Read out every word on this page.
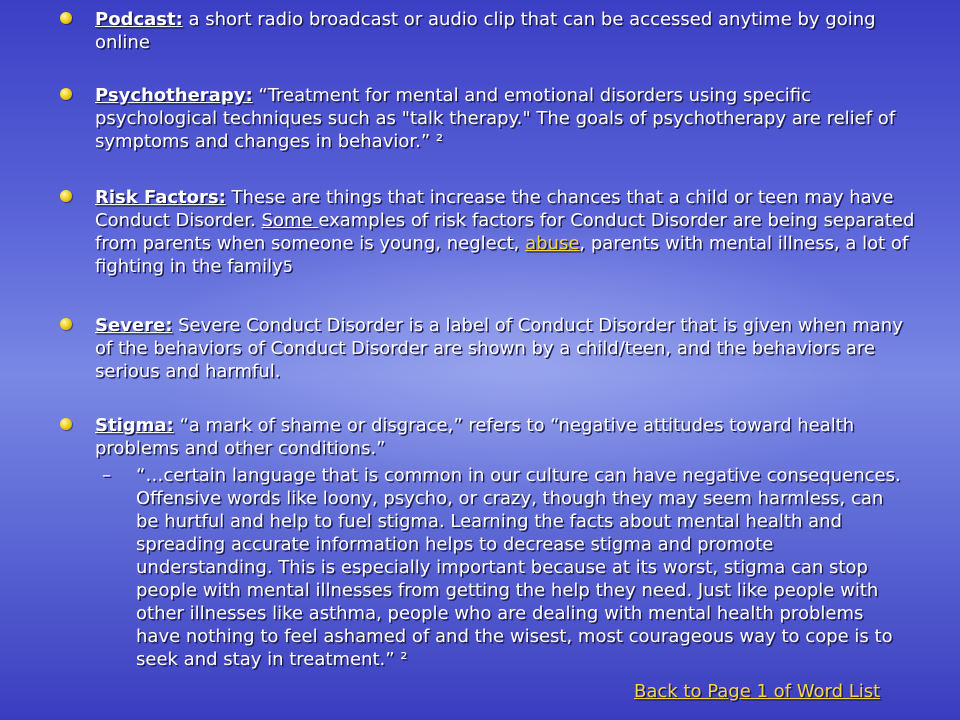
Podcast: a short radio broadcast or audio clip that can be accessed anytime by going online
Psychotherapy: “Treatment for mental and emotional disorders using specific psychological techniques such as "talk therapy." The goals of psychotherapy are relief of symptoms and changes in behavior.” ²
Risk Factors: These are things that increase the chances that a child or teen may have Conduct Disorder. Some examples of risk factors for Conduct Disorder are being separated from parents when someone is young, neglect, abuse, parents with mental illness, a lot of fighting in the family5
Severe: Severe Conduct Disorder is a label of Conduct Disorder that is given when many of the behaviors of Conduct Disorder are shown by a child/teen, and the behaviors are serious and harmful.
Stigma: “a mark of shame or disgrace,” refers to “negative attitudes toward health problems and other conditions.”
– “…certain language that is common in our culture can have negative consequences. Offensive words like loony, psycho, or crazy, though they may seem harmless, can be hurtful and help to fuel stigma. Learning the facts about mental health and spreading accurate information helps to decrease stigma and promote understanding. This is especially important because at its worst, stigma can stop people with mental illnesses from getting the help they need. Just like people with other illnesses like asthma, people who are dealing with mental health problems have nothing to feel ashamed of and the wisest, most courageous way to cope is to seek and stay in treatment.” ²
Back to Page 1 of Word List
